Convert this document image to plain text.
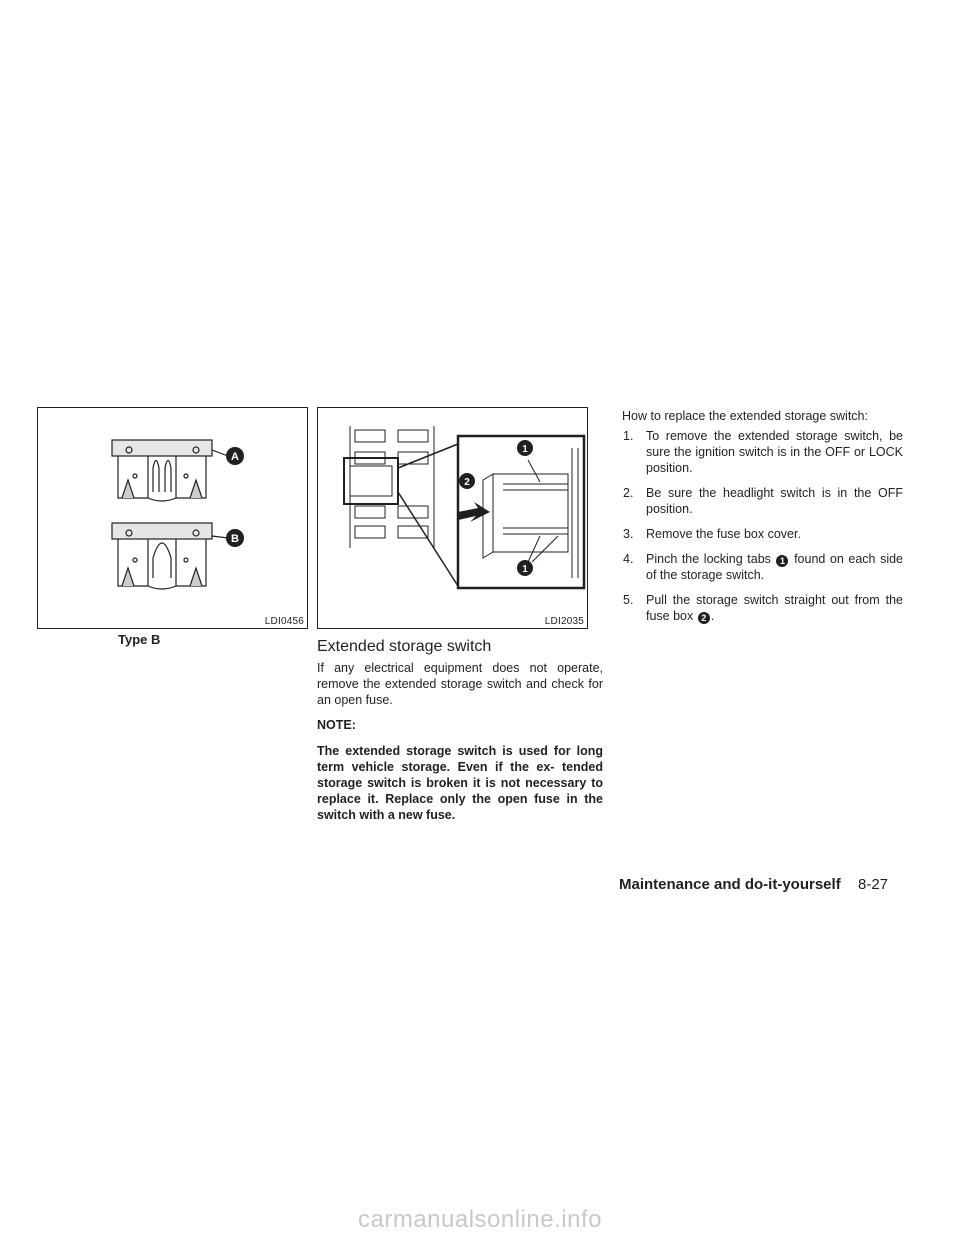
A
B
LDI0456
Type B
1
2
1
LDI2035
Extended storage switch
If any electrical equipment does not operate, remove the extended storage switch and check for an open fuse.
NOTE:
The extended storage switch is used for long term vehicle storage. Even if the ex- tended storage switch is broken it is not necessary to replace it. Replace only the open fuse in the switch with a new fuse.
How to replace the extended storage switch:
1. To remove the extended storage switch, be sure the ignition switch is in the OFF or LOCK position.
2. Be sure the headlight switch is in the OFF position.
3. Remove the fuse box cover.
4. Pinch the locking tabs 1 found on each side of the storage switch.
5. Pull the storage switch straight out from the fuse box 2 .
Maintenance and do-it-yourself 8-27
carmanualsonline.info
